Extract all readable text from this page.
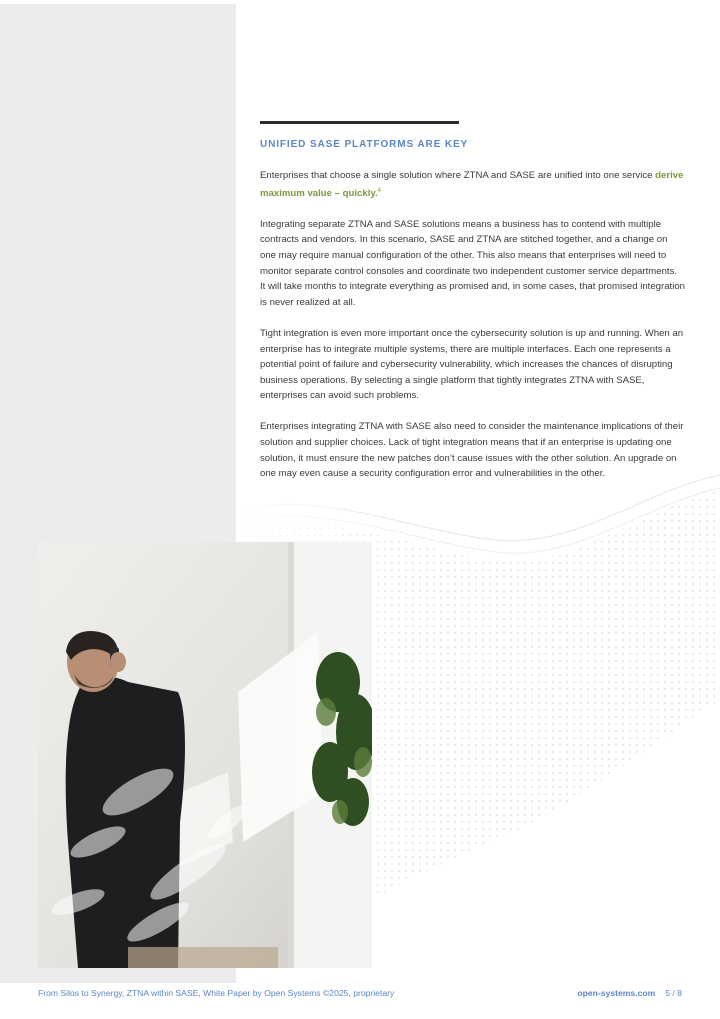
UNIFIED SASE PLATFORMS ARE KEY

Enterprises that choose a single solution where ZTNA and SASE are unified into one service derive maximum value – quickly.$^4$

Integrating separate ZTNA and SASE solutions means a business has to contend with multiple contracts and vendors. In this scenario, SASE and ZTNA are stitched together, and a change on one may require manual configuration of the other. This also means that enterprises will need to monitor separate control consoles and coordinate two independent customer service departments. It will take months to integrate everything as promised and, in some cases, that promised integration is never realized at all.

Tight integration is even more important once the cybersecurity solution is up and running. When an enterprise has to integrate multiple systems, there are multiple interfaces. Each one represents a potential point of failure and cybersecurity vulnerability, which increases the chances of disrupting business operations. By selecting a single platform that tightly integrates ZTNA with SASE, enterprises can avoid such problems.

Enterprises integrating ZTNA with SASE also need to consider the maintenance implications of their solution and supplier choices. Lack of tight integration means that if an enterprise is updating one solution, it must ensure the new patches don’t cause issues with the other solution. An upgrade on one may even cause a security configuration error and vulnerabilities in the other.

From Silos to Synergy, ZTNA within SASE, White Paper by Open Systems ©2025, proprietary	open-systems.com 5 / 8
